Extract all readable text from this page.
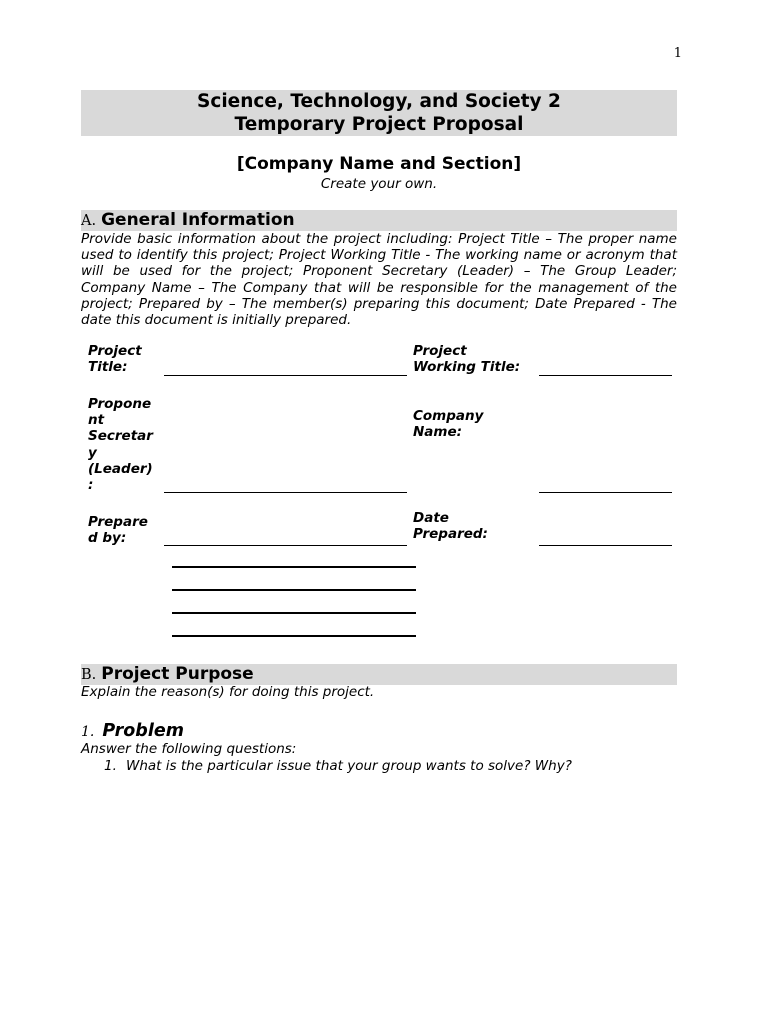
1
Science, Technology, and Society 2
Temporary Project Proposal
[Company Name and Section]
Create your own.
A. General Information
Provide basic information about the project including: Project Title – The proper name used to identify this project; Project Working Title - The working name or acronym that will be used for the project; Proponent Secretary (Leader) – The Group Leader; Company Name – The Company that will be responsible for the management of the project; Prepared by – The member(s) preparing this document; Date Prepared - The date this document is initially prepared.
Project
Title:
Project
Working Title:
Propone
nt
Secretar
y
(Leader)
:
Company
Name:
Prepare
d by:
Date
Prepared:
B. Project Purpose
Explain the reason(s) for doing this project.
1. Problem
Answer the following questions:
1. What is the particular issue that your group wants to solve? Why?
